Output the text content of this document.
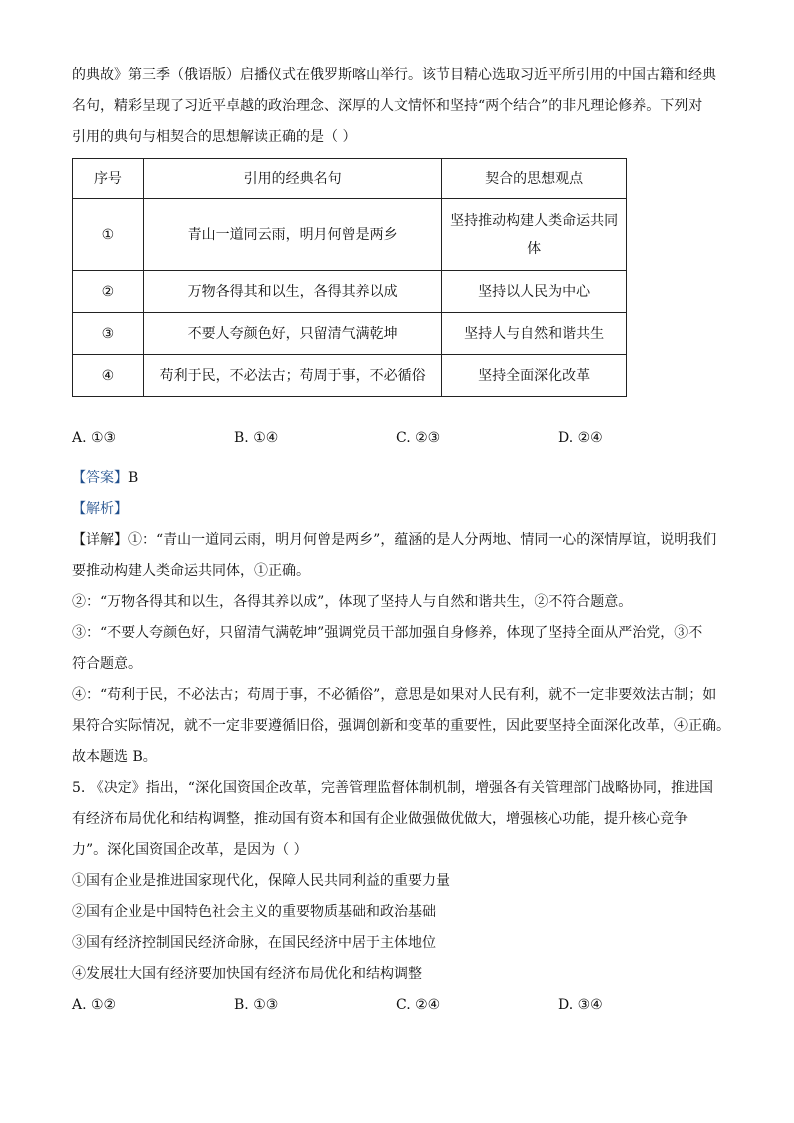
的典故》第三季（俄语版）启播仪式在俄罗斯喀山举行。该节目精心选取习近平所引用的中国古籍和经典

名句，精彩呈现了习近平卓越的政治理念、深厚的人文情怀和坚持“两个结合”的非凡理论修养。下列对

引用的典句与相契合的思想解读正确的是（ ）

序号	引用的经典名句	契合的思想观点
①	青山一道同云雨，明月何曾是两乡	坚持推动构建人类命运共同体
②	万物各得其和以生，各得其养以成	坚持以人民为中心
③	不要人夸颜色好，只留清气满乾坤	坚持人与自然和谐共生
④	苟利于民，不必法古；苟周于事，不必循俗	坚持全面深化改革
A. ①③	B. ①④	C. ②③	D. ②④

【答案】B

【解析】

【详解】①：“青山一道同云雨，明月何曾是两乡”，蕴涵的是人分两地、情同一心的深情厚谊，说明我们

要推动构建人类命运共同体，①正确。

②：“万物各得其和以生，各得其养以成”，体现了坚持人与自然和谐共生，②不符合题意。

③：“不要人夸颜色好，只留清气满乾坤”强调党员干部加强自身修养，体现了坚持全面从严治党，③不

符合题意。

④：“苟利于民，不必法古；苟周于事，不必循俗”，意思是如果对人民有利，就不一定非要效法古制；如

果符合实际情况，就不一定非要遵循旧俗，强调创新和变革的重要性，因此要坚持全面深化改革，④正确。

故本题选 B。

5. 《决定》指出，“深化国资国企改革，完善管理监督体制机制，增强各有关管理部门战略协同，推进国

有经济布局优化和结构调整，推动国有资本和国有企业做强做优做大，增强核心功能，提升核心竞争

力”。深化国资国企改革，是因为（ ）

①国有企业是推进国家现代化，保障人民共同利益的重要力量

②国有企业是中国特色社会主义的重要物质基础和政治基础

③国有经济控制国民经济命脉，在国民经济中居于主体地位

④发展壮大国有经济要加快国有经济布局优化和结构调整

A. ①②	B. ①③	C. ②④	D. ③④
